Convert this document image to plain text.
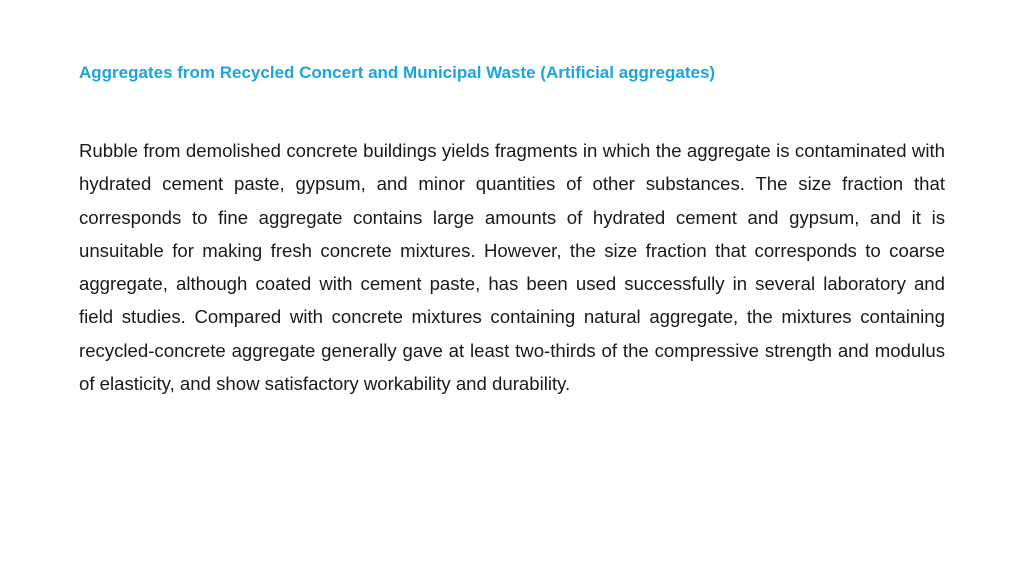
Aggregates from Recycled Concert and Municipal Waste (Artificial aggregates)

Rubble from demolished concrete buildings yields fragments in which the aggregate is contaminated with hydrated cement paste, gypsum, and minor quantities of other substances. The size fraction that corresponds to fine aggregate contains large amounts of hydrated cement and gypsum, and it is unsuitable for making fresh concrete mixtures. However, the size fraction that corresponds to coarse aggregate, although coated with cement paste, has been used successfully in several laboratory and field studies. Compared with concrete mixtures containing natural aggregate, the mixtures containing recycled-concrete aggregate generally gave at least two-thirds of the compressive strength and modulus of elasticity, and show satisfactory workability and durability.
